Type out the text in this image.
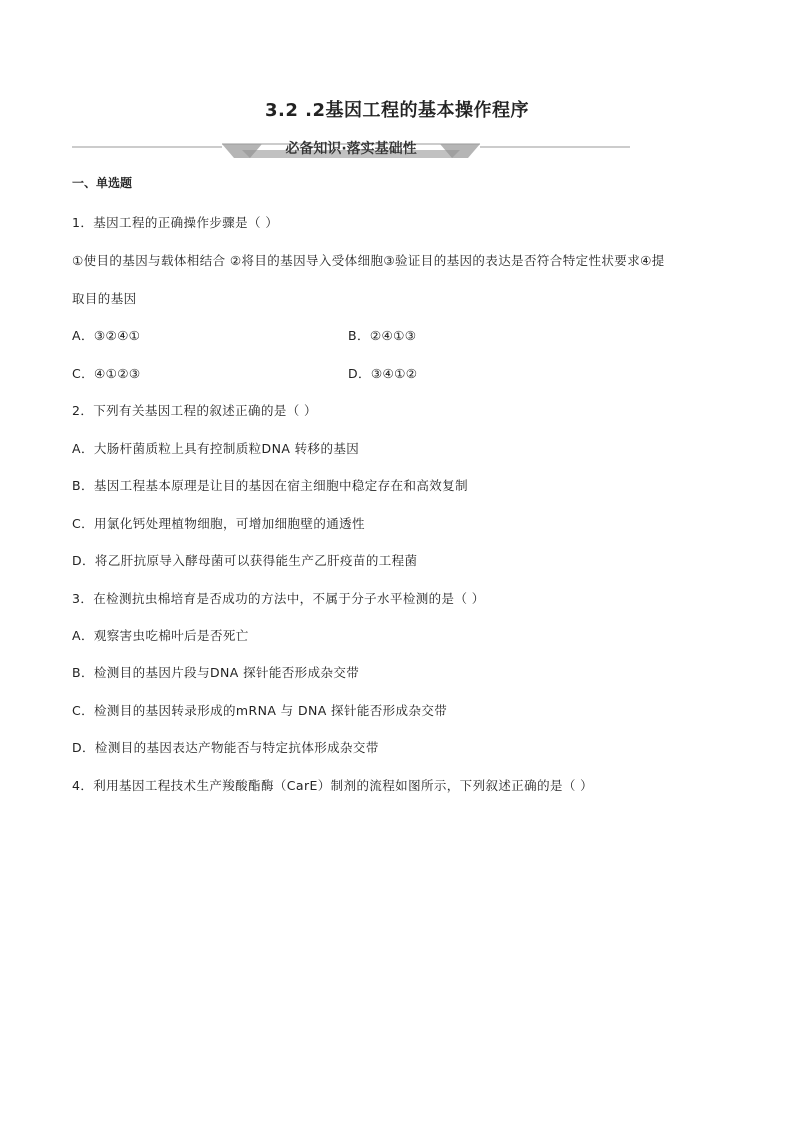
3.2 .2基因工程的基本操作程序
必备知识·落实基础性
一、单选题
1．基因工程的正确操作步骤是（ ）
①使目的基因与载体相结合 ②将目的基因导入受体细胞③验证目的基因的表达是否符合特定性状要求④提
取目的基因
A．③②④①	B．②④①③
C．④①②③	D．③④①②
2．下列有关基因工程的叙述正确的是（ ）
A．大肠杆菌质粒上具有控制质粒DNA 转移的基因
B．基因工程基本原理是让目的基因在宿主细胞中稳定存在和高效复制
C．用氯化钙处理植物细胞，可增加细胞壁的通透性
D．将乙肝抗原导入酵母菌可以获得能生产乙肝疫苗的工程菌
3．在检测抗虫棉培育是否成功的方法中，不属于分子水平检测的是（ ）
A．观察害虫吃棉叶后是否死亡
B．检测目的基因片段与DNA 探针能否形成杂交带
C．检测目的基因转录形成的mRNA 与 DNA 探针能否形成杂交带
D．检测目的基因表达产物能否与特定抗体形成杂交带
4．利用基因工程技术生产羧酸酯酶（CarE）制剂的流程如图所示，下列叙述正确的是（ ）
